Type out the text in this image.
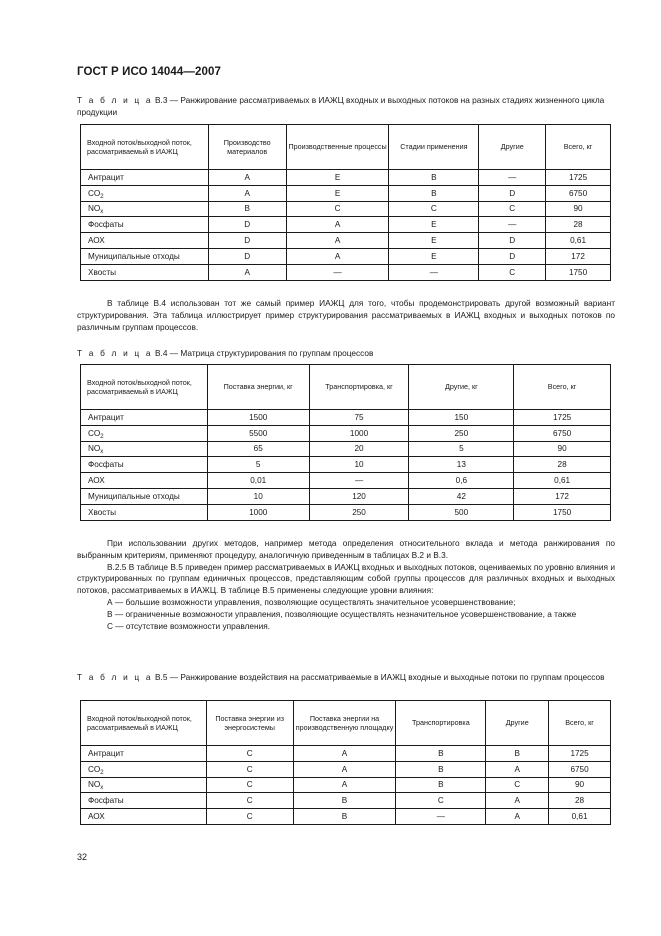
ГОСТ Р ИСО 14044—2007
Т а б л и ц а В.3 — Ранжирование рассматриваемых в ИАЖЦ входных и выходных потоков на разных стадиях жизненного цикла продукции
Входной поток/выходной поток, рассматриваемый в ИАЖЦ	Производство материалов	Производственные процессы	Стадии применения	Другие	Всего, кг
Антрацит	А	Е	В	—	1725
$CO_2$	A	E	B	D	6750
$NO_x$	B	C	C	C	90
Фосфаты	D	A	E	—	28
АОХ	D	A	E	D	0,61
Муниципальные отходы	D	A	E	D	172
Хвосты	A	—	—	C	1750

В таблице В.4 использован тот же самый пример ИАЖЦ для того, чтобы продемонстрировать другой возможный вариант структурирования. Эта таблица иллюстрирует пример структурирования рассматриваемых в ИАЖЦ входных и выходных потоков по различным группам процессов.

Т а б л и ц а В.4 — Матрица структурирования по группам процессов
Входной поток/выходной поток, рассматриваемый в ИАЖЦ	Поставка энергии, кг	Транспортировка, кг	Другие, кг	Всего, кг
Антрацит	1500	75	150	1725
$CO_2$	5500	1000	250	6750
$NO_x$	65	20	5	90
Фосфаты	5	10	13	28
АОХ	0,01	—	0,6	0,61
Муниципальные отходы	10	120	42	172
Хвосты	1000	250	500	1750

При использовании других методов, например метода определения относительного вклада и метода ранжирования по выбранным критериям, применяют процедуру, аналогичную приведенным в таблицах В.2 и В.3.

В.2.5 В таблице В.5 приведен пример рассматриваемых в ИАЖЦ входных и выходных потоков, оцениваемых по уровню влияния и структурированных по группам единичных процессов, представляющим собой группы процессов для различных входных и выходных потоков, рассматриваемых в ИАЖЦ. В таблице В.5 применены следующие уровни влияния:

А — большие возможности управления, позволяющие осуществлять значительное усовершенствование;

В — ограниченные возможности управления, позволяющие осуществлять незначительное усовершенствование, а также

С — отсутствие возможности управления.

Т а б л и ц а В.5 — Ранжирование воздействия на рассматриваемые в ИАЖЦ входные и выходные потоки по группам процессов
Входной поток/выходной поток, рассматриваемый в ИАЖЦ	Поставка энергии из энергосистемы	Поставка энергии на производственную площадку	Транспортировка	Другие	Всего, кг
Антрацит	С	А	В	В	1725
$CO_2$	C	A	B	A	6750
$NO_x$	C	A	B	C	90
Фосфаты	C	B	C	A	28
АОХ	C	B	—	A	0,61
32
